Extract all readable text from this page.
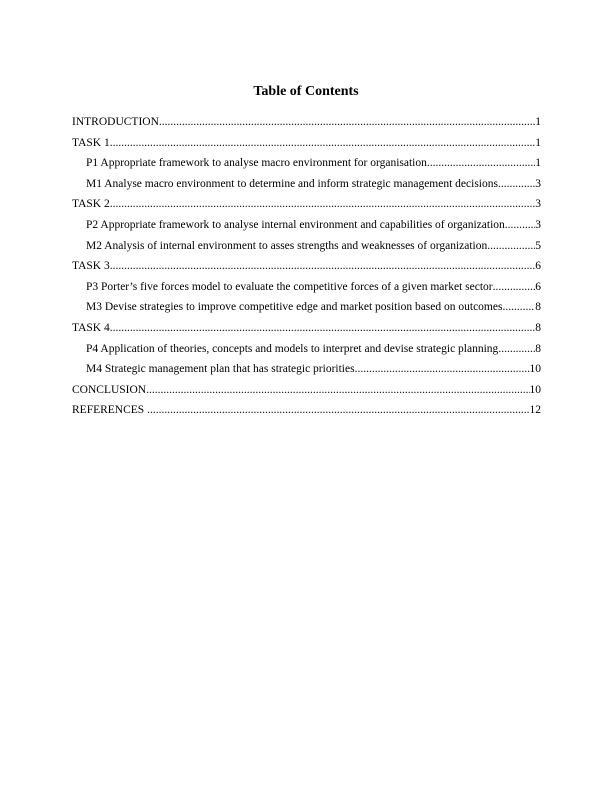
Table of Contents
INTRODUCTION .....	1
TASK 1 .....	1
P1 Appropriate framework to analyse macro environment for organisation .....	1
M1 Analyse macro environment to determine and inform strategic management decisions .....	3
TASK 2 .....	3
P2 Appropriate framework to analyse internal environment and capabilities of organization .....	3
M2 Analysis of internal environment to asses strengths and weaknesses of organization .....	5
TASK 3 .....	6
P3 Porter’s five forces model to evaluate the competitive forces of a given market sector .....	6
M3 Devise strategies to improve competitive edge and market position based on outcomes .....	8
TASK 4 .....	8
P4 Application of theories, concepts and models to interpret and devise strategic planning .....	8
M4 Strategic management plan that has strategic priorities .....	10
CONCLUSION .....	10
REFERENCES .....	12
